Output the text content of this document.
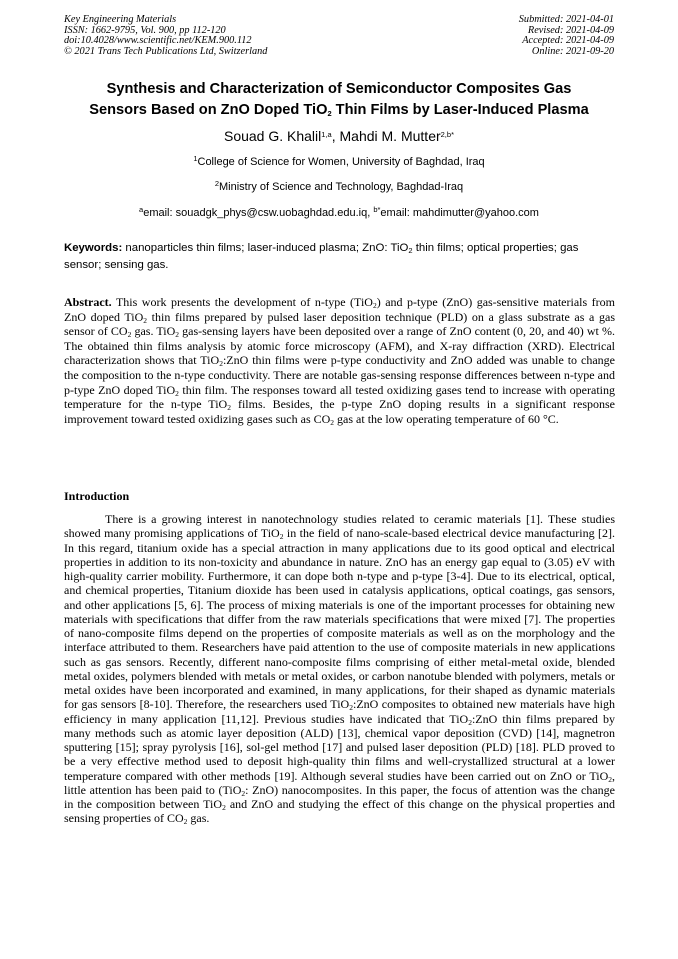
Key Engineering Materials
ISSN: 1662-9795, Vol. 900, pp 112-120
doi:10.4028/www.scientific.net/KEM.900.112
© 2021 Trans Tech Publications Ltd, Switzerland
Submitted: 2021-04-01
Revised: 2021-04-09
Accepted: 2021-04-09
Online: 2021-09-20
Synthesis and Characterization of Semiconductor Composites Gas
Sensors Based on ZnO Doped TiO$_2$ Thin Films by Laser-Induced Plasma
Souad G. Khalil$^{1,a}$, Mahdi M. Mutter$^{2,b*}$
$^1$College of Science for Women, University of Baghdad, Iraq
$^2$Ministry of Science and Technology, Baghdad-Iraq
$^a$email: souadgk_phys@csw.uobaghdad.edu.iq, $^{b*}$email: mahdimutter@yahoo.com
Keywords: nanoparticles thin films; laser-induced plasma; ZnO: TiO$_2$ thin films; optical properties; gas sensor; sensing gas.
Abstract. This work presents the development of n-type (TiO$_2$) and p-type (ZnO) gas-sensitive materials from ZnO doped TiO$_2$ thin films prepared by pulsed laser deposition technique (PLD) on a glass substrate as a gas sensor of $CO_2$ gas. TiO$_2$ gas-sensing layers have been deposited over a range of ZnO content (0, 20, and 40) wt %. The obtained thin films analysis by atomic force microscopy (AFM), and X-ray diffraction (XRD). Electrical characterization shows that TiO$_2$:ZnO thin films were p-type conductivity and ZnO added was unable to change the composition to the n-type conductivity. There are notable gas-sensing response differences between n-type and p-type ZnO doped TiO$_2$ thin film. The responses toward all tested oxidizing gases tend to increase with operating temperature for the n-type TiO$_2$ films. Besides, the p-type ZnO doping results in a significant response improvement toward tested oxidizing gases such as $CO_2$ gas at the low operating temperature of 60 °C.
Introduction
There is a growing interest in nanotechnology studies related to ceramic materials [1]. These studies showed many promising applications of TiO$_2$ in the field of nano-scale-based electrical device manufacturing [2]. In this regard, titanium oxide has a special attraction in many applications due to its good optical and electrical properties in addition to its non-toxicity and abundance in nature. ZnO has an energy gap equal to (3.05) eV with high-quality carrier mobility. Furthermore, it can dope both n-type and p-type [3-4]. Due to its electrical, optical, and chemical properties, Titanium dioxide has been used in catalysis applications, optical coatings, gas sensors, and other applications [5, 6]. The process of mixing materials is one of the important processes for obtaining new materials with specifications that differ from the raw materials specifications that were mixed [7]. The properties of nano-composite films depend on the properties of composite materials as well as on the morphology and the interface attributed to them. Researchers have paid attention to the use of composite materials in new applications such as gas sensors. Recently, different nano-composite films comprising of either metal-metal oxide, blended metal oxides, polymers blended with metals or metal oxides, or carbon nanotube blended with polymers, metals or metal oxides have been incorporated and examined, in many applications, for their shaped as dynamic materials for gas sensors [8-10]. Therefore, the researchers used TiO$_2$:ZnO composites to obtained new materials have high efficiency in many application [11,12]. Previous studies have indicated that TiO$_2$:ZnO thin films prepared by many methods such as atomic layer deposition (ALD) [13], chemical vapor deposition (CVD) [14], magnetron sputtering [15]; spray pyrolysis [16], sol-gel method [17] and pulsed laser deposition (PLD) [18]. PLD proved to be a very effective method used to deposit high-quality thin films and well-crystallized structural at a lower temperature compared with other methods [19]. Although several studies have been carried out on ZnO or TiO$_2$, little attention has been paid to (TiO$_2$: ZnO) nanocomposites. In this paper, the focus of attention was the change in the composition between TiO$_2$ and ZnO and studying the effect of this change on the physical properties and sensing properties of $CO_2$ gas.
